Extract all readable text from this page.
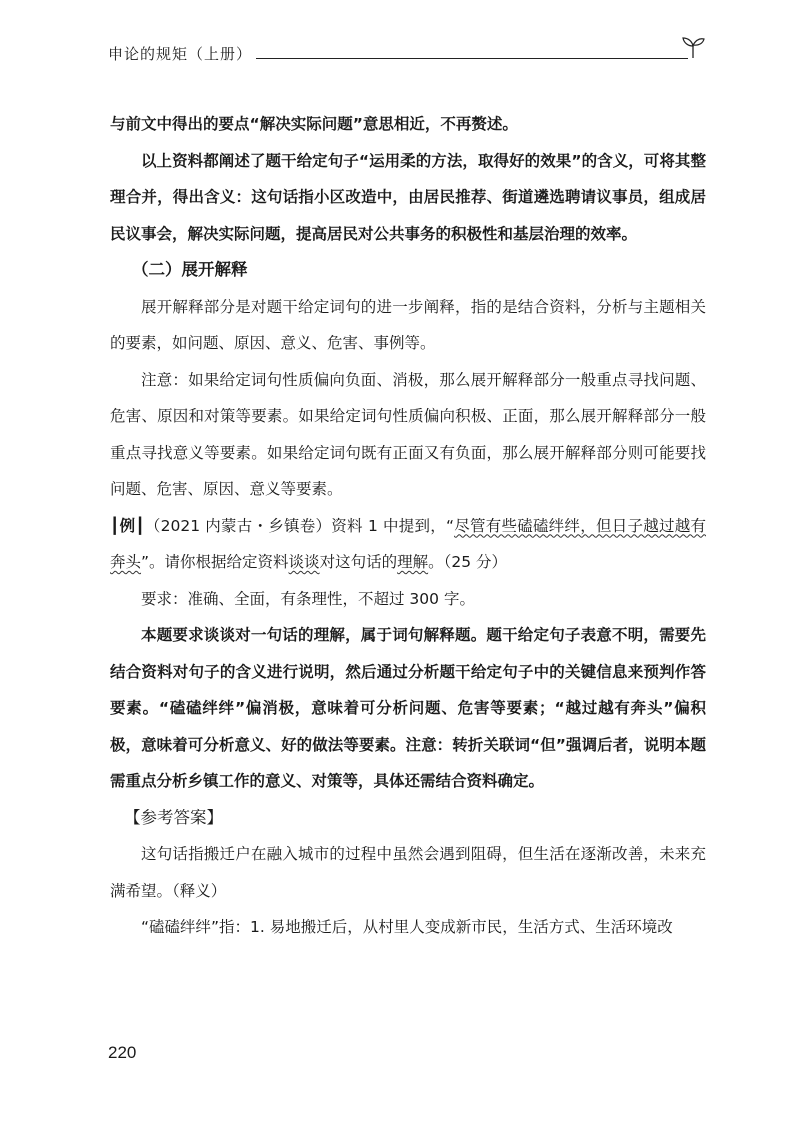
申论的规矩（上册）

与前文中得出的要点“解决实际问题”意思相近，不再赘述。

以上资料都阐述了题干给定句子“运用柔的方法，取得好的效果”的含义，可将其整理合并，得出含义：这句话指小区改造中，由居民推荐、街道遴选聘请议事员，组成居民议事会，解决实际问题，提高居民对公共事务的积极性和基层治理的效率。

（二）展开解释

展开解释部分是对题干给定词句的进一步阐释，指的是结合资料，分析与主题相关的要素，如问题、原因、意义、危害、事例等。

注意：如果给定词句性质偏向负面、消极，那么展开解释部分一般重点寻找问题、危害、原因和对策等要素。如果给定词句性质偏向积极、正面，那么展开解释部分一般重点寻找意义等要素。如果给定词句既有正面又有负面，那么展开解释部分则可能要找问题、危害、原因、意义等要素。

┃例┃（2021 内蒙古・乡镇卷）资料 1 中提到，“尽管有些磕磕绊绊，但日子越过越有奔头”。请你根据给定资料谈谈对这句话的理解。（25 分）

要求：准确、全面，有条理性，不超过 300 字。

本题要求谈谈对一句话的理解，属于词句解释题。题干给定句子表意不明，需要先结合资料对句子的含义进行说明，然后通过分析题干给定句子中的关键信息来预判作答要素。“磕磕绊绊”偏消极，意味着可分析问题、危害等要素；“越过越有奔头”偏积极，意味着可分析意义、好的做法等要素。注意：转折关联词“但”强调后者，说明本题需重点分析乡镇工作的意义、对策等，具体还需结合资料确定。

【参考答案】

这句话指搬迁户在融入城市的过程中虽然会遇到阻碍，但生活在逐渐改善，未来充满希望。（释义）

“磕磕绊绊”指：1. 易地搬迁后，从村里人变成新市民，生活方式、生活环境改

220
